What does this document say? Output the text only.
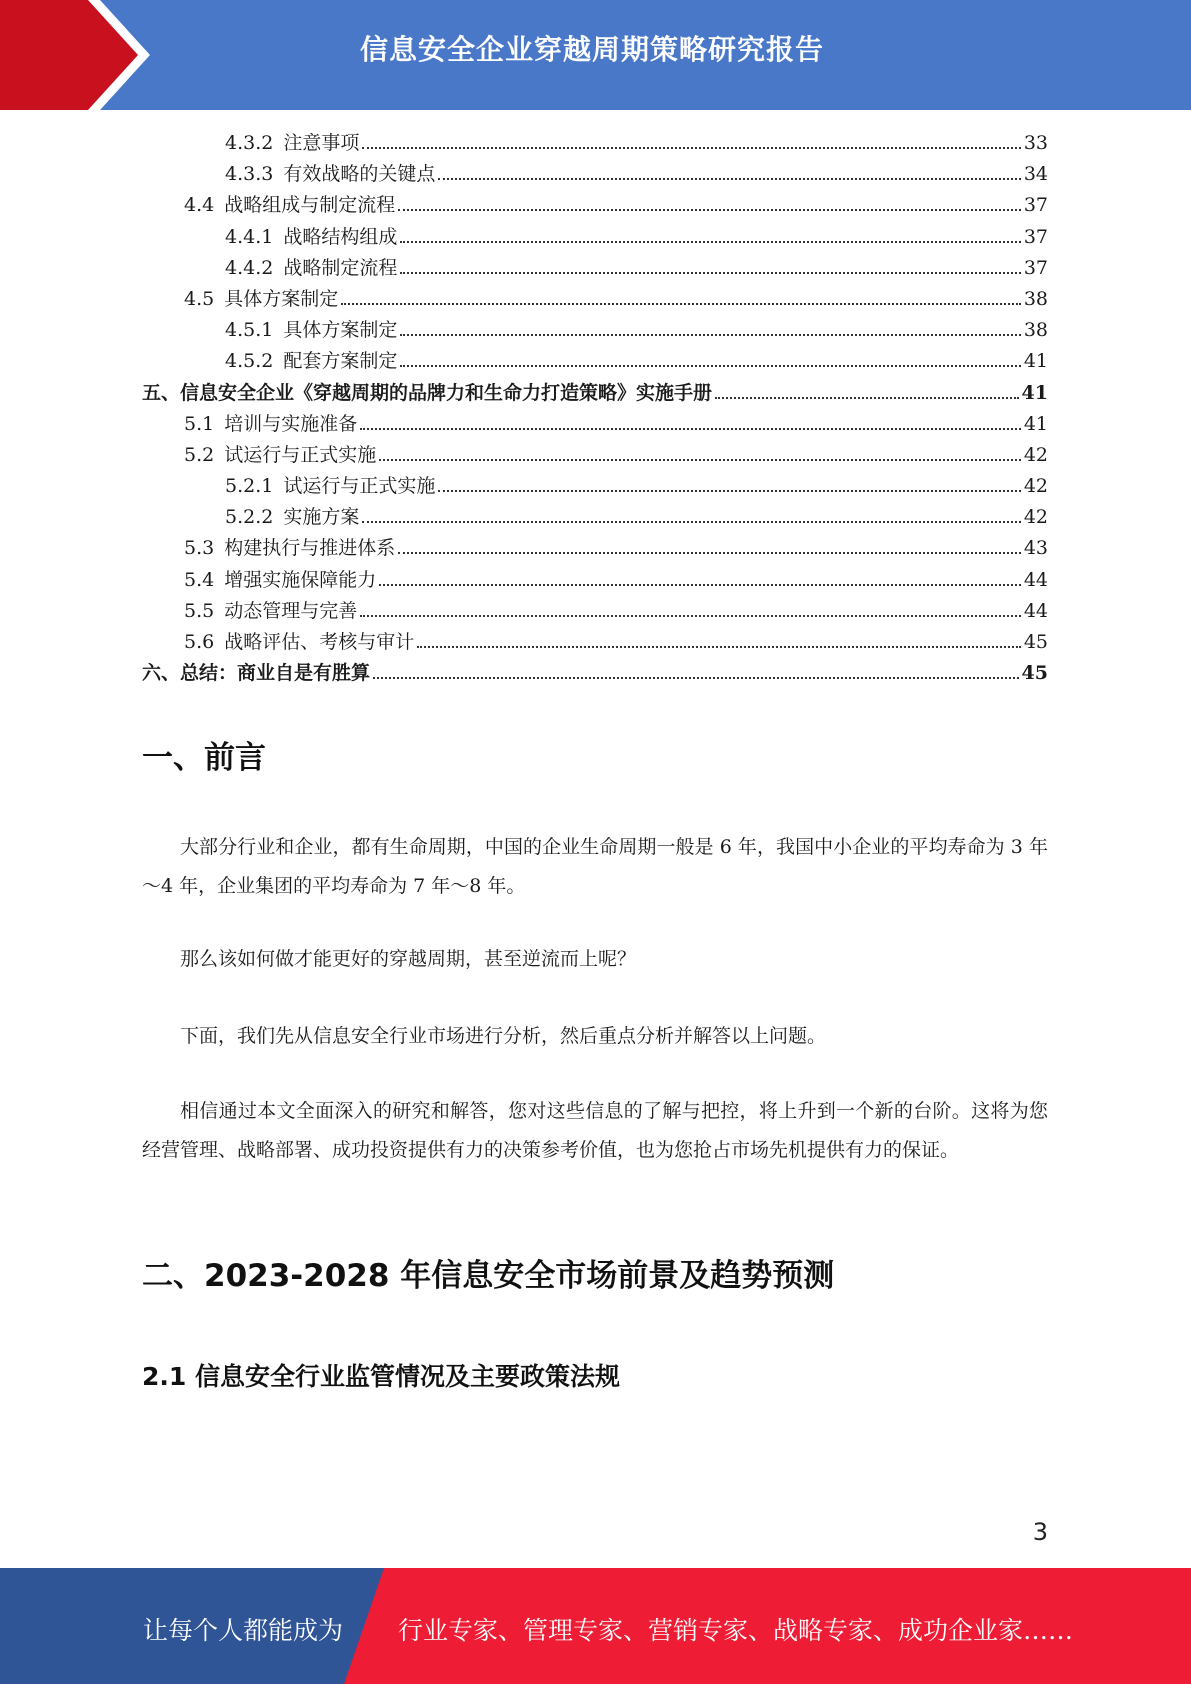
信息安全企业穿越周期策略研究报告
4.3.2 注意事项	33
4.3.3 有效战略的关键点	34
4.4 战略组成与制定流程	37
4.4.1 战略结构组成	37
4.4.2 战略制定流程	37
4.5 具体方案制定	38
4.5.1 具体方案制定	38
4.5.2 配套方案制定	41
五、 信息安全企业《穿越周期的品牌力和生命力打造策略》实施手册	41
5.1 培训与实施准备	41
5.2 试运行与正式实施	42
5.2.1 试运行与正式实施	42
5.2.2 实施方案	42
5.3 构建执行与推进体系	43
5.4 增强实施保障能力	44
5.5 动态管理与完善	44
5.6 战略评估、考核与审计	45
六、 总结：商业自是有胜算	45
一、前言

大部分行业和企业，都有生命周期，中国的企业生命周期一般是 6 年，我国中小企业的平均寿命为 3 年～4 年，企业集团的平均寿命为 7 年～8 年。

那么该如何做才能更好的穿越周期，甚至逆流而上呢？

下面，我们先从信息安全行业市场进行分析，然后重点分析并解答以上问题。

相信通过本文全面深入的研究和解答，您对这些信息的了解与把控，将上升到一个新的台阶。这将为您经营管理、战略部署、成功投资提供有力的决策参考价值，也为您抢占市场先机提供有力的保证。

二、2023-2028 年信息安全市场前景及趋势预测
2.1 信息安全行业监管情况及主要政策法规
3
让每个人都能成为 行业专家、管理专家、营销专家、战略专家、成功企业家……
